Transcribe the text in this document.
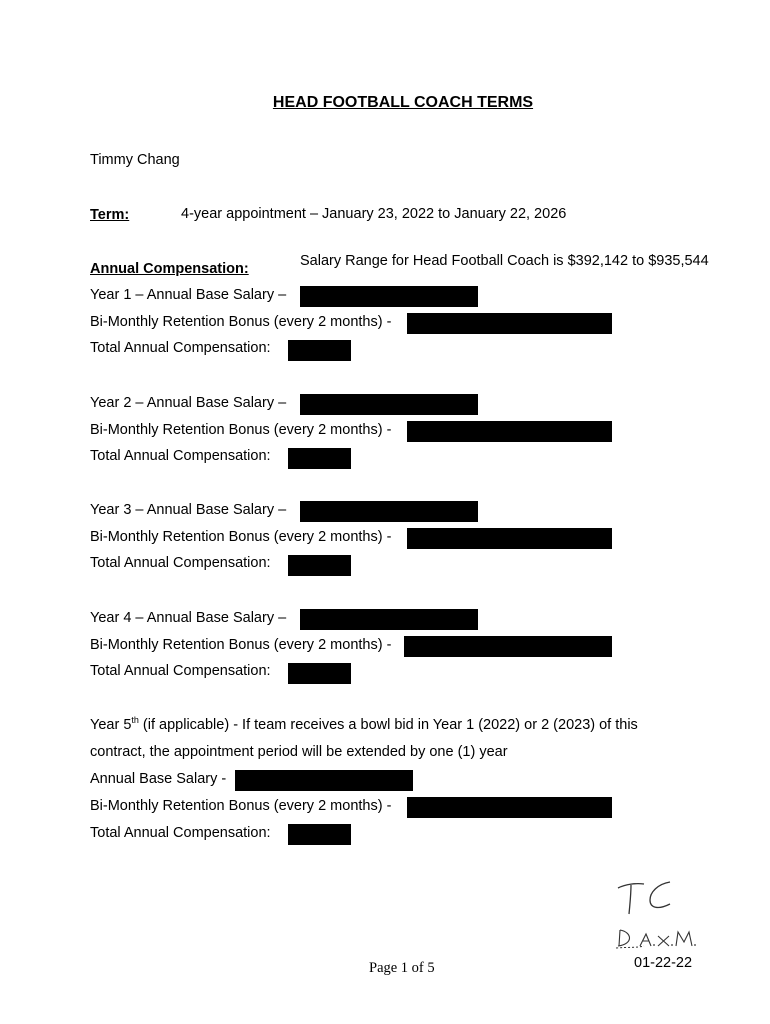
HEAD FOOTBALL COACH TERMS
Timmy Chang
Term:	4-year appointment – January 23, 2022 to January 22, 2026
Annual Compensation:	Salary Range for Head Football Coach is $392,142 to $935,544
Year 1 – Annual Base Salary –
Bi-Monthly Retention Bonus (every 2 months) -
Total Annual Compensation:
Year 2 – Annual Base Salary –
Bi-Monthly Retention Bonus (every 2 months) -
Total Annual Compensation:
Year 3 – Annual Base Salary –
Bi-Monthly Retention Bonus (every 2 months) -
Total Annual Compensation:
Year 4 – Annual Base Salary –
Bi-Monthly Retention Bonus (every 2 months) -
Total Annual Compensation:
Year 5th (if applicable) - If team receives a bowl bid in Year 1 (2022) or 2 (2023) of this
contract, the appointment period will be extended by one (1) year
Annual Base Salary -
Bi-Monthly Retention Bonus (every 2 months) -
Total Annual Compensation:
01-22-22
Page 1 of 5
